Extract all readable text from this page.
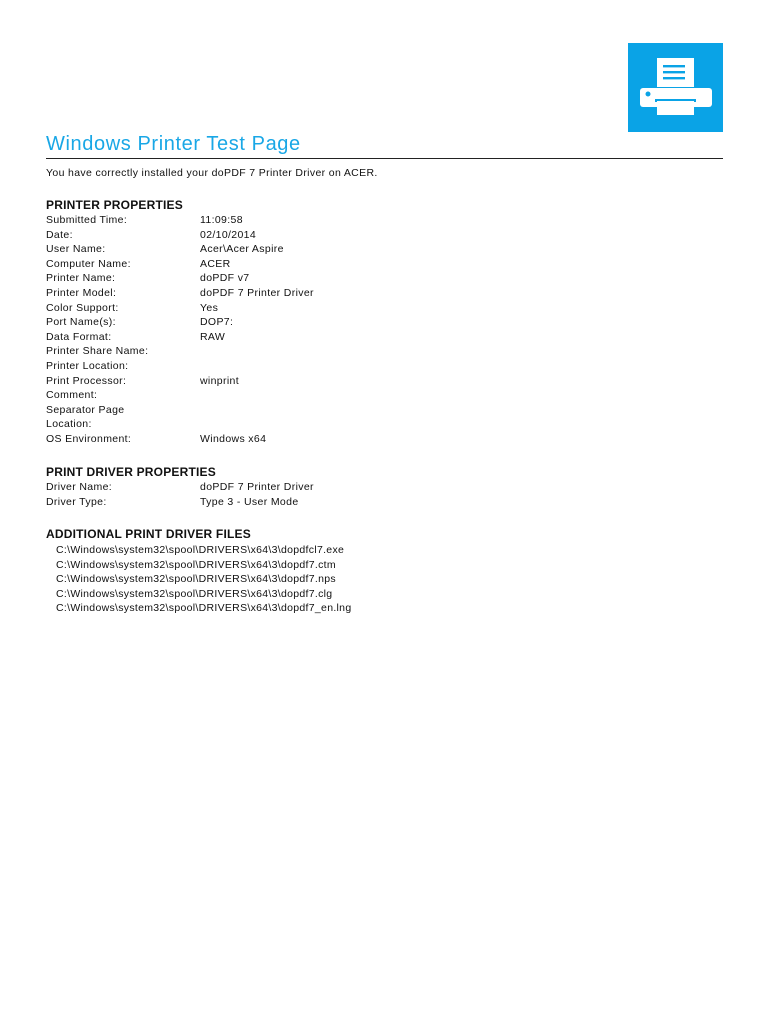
Windows Printer Test Page
You have correctly installed your doPDF 7 Printer Driver on ACER.
PRINTER PROPERTIES
Submitted Time:	11:09:58
Date:	02/10/2014
User Name:	Acer\Acer Aspire
Computer Name:	ACER
Printer Name:	doPDF v7
Printer Model:	doPDF 7 Printer Driver
Color Support:	Yes
Port Name(s):	DOP7:
Data Format:	RAW
Printer Share Name:
Printer Location:
Print Processor:	winprint
Comment:
Separator Page
Location:
OS Environment:	Windows x64
PRINT DRIVER PROPERTIES
Driver Name:	doPDF 7 Printer Driver
Driver Type:	Type 3 - User Mode
ADDITIONAL PRINT DRIVER FILES
C:\Windows\system32\spool\DRIVERS\x64\3\dopdfcl7.exe
C:\Windows\system32\spool\DRIVERS\x64\3\dopdf7.ctm
C:\Windows\system32\spool\DRIVERS\x64\3\dopdf7.nps
C:\Windows\system32\spool\DRIVERS\x64\3\dopdf7.clg
C:\Windows\system32\spool\DRIVERS\x64\3\dopdf7_en.lng
